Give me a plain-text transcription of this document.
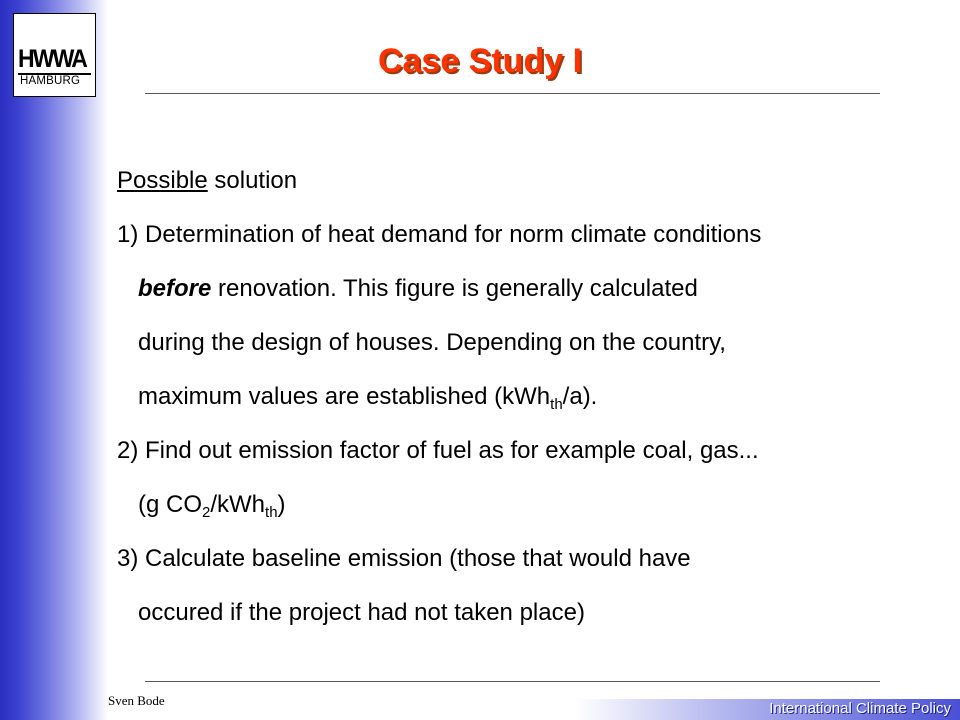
HWWA
HAMBURG
Case Study I
Possible solution
1) Determination of heat demand for norm climate conditions
before renovation. This figure is generally calculated
during the design of houses. Depending on the country,
maximum values are established (kWh$_{th}$/a).
2) Find out emission factor of fuel as for example coal, gas...
(g $CO_2/kWh_{th}$)
3) Calculate baseline emission (those that would have
occured if the project had not taken place)
Sven Bode	International Climate Policy
